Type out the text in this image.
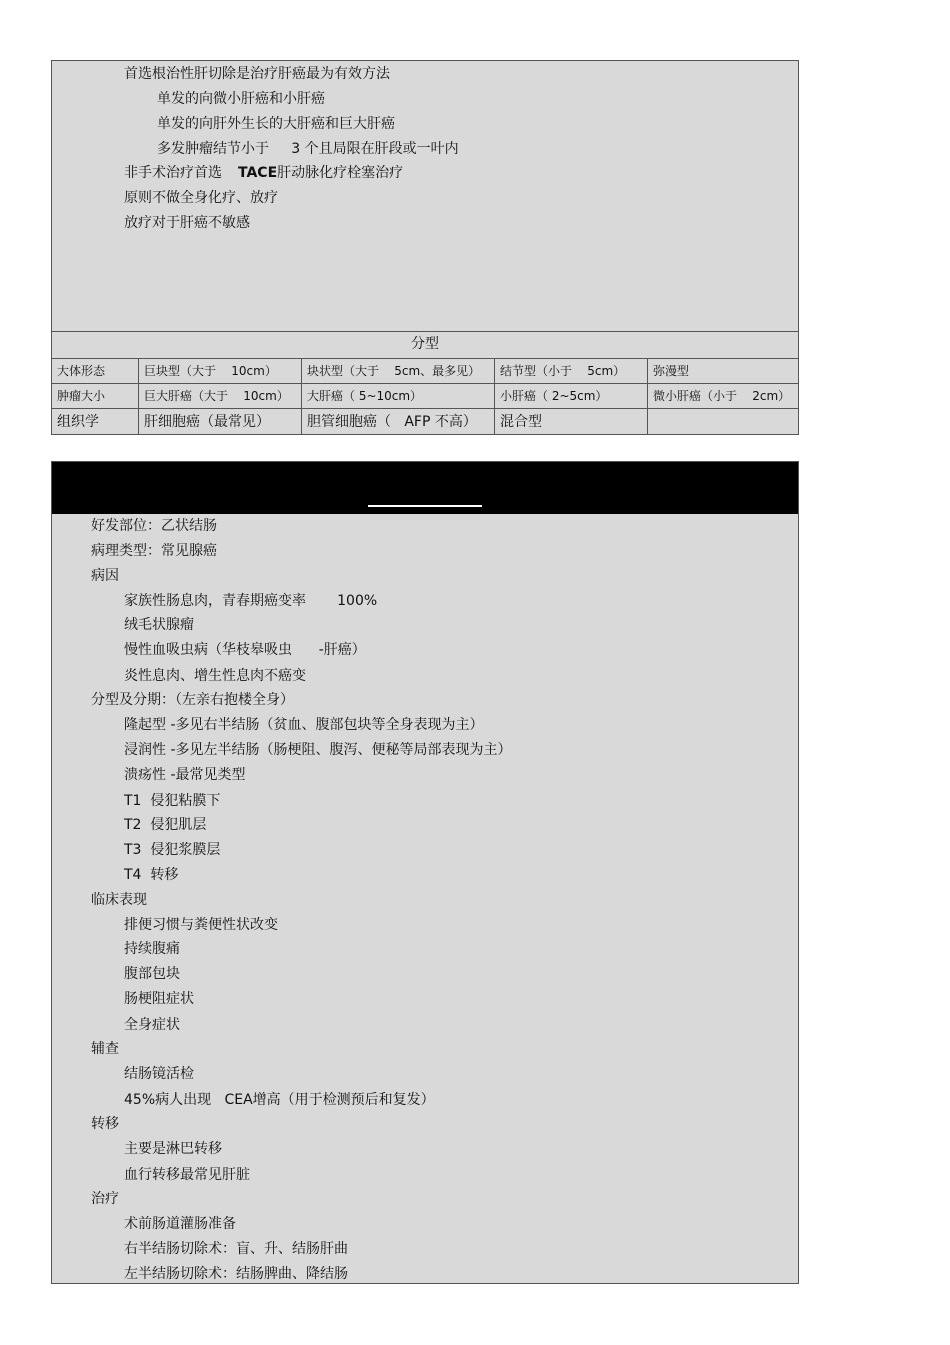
首选根治性肝切除是治疗肝癌最为有效方法
单发的向微小肝癌和小肝癌
单发的向肝外生长的大肝癌和巨大肝癌
多发肿瘤结节小于     3 个且局限在肝段或一叶内
非手术治疗首选 TACE肝动脉化疗栓塞治疗
原则不做全身化疗、放疗
放疗对于肝癌不敏感
分型
大体形态	巨块型（大于    10cm）	块状型（大于    5cm、最多见）	结节型（小于    5cm）	弥漫型
肿瘤大小	巨大肝癌（大于    10cm）	大肝癌（ 5~10cm）	小肝癌（ 2~5cm）	微小肝癌（小于    2cm）
组织学	肝细胞癌（最常见）	胆管细胞癌（   AFP 不高）	混合型
好发部位：乙状结肠
病理类型：常见腺癌
病因
家族性肠息肉，青春期癌变率       100%
绒毛状腺瘤
慢性血吸虫病（华枝皋吸虫      -肝癌）
炎性息肉、增生性息肉不癌变
分型及分期：（左亲右抱楼全身）
隆起型 -多见右半结肠（贫血、腹部包块等全身表现为主）
浸润性 -多见左半结肠（肠梗阻、腹泻、便秘等局部表现为主）
溃疡性 -最常见类型
T1  侵犯粘膜下
T2  侵犯肌层
T3  侵犯浆膜层
T4  转移
临床表现
排便习惯与粪便性状改变
持续腹痛
腹部包块
肠梗阻症状
全身症状
辅查
结肠镜活检
45%病人出现   CEA增高（用于检测预后和复发）
转移
主要是淋巴转移
血行转移最常见肝脏
治疗
术前肠道灌肠准备
右半结肠切除术：盲、升、结肠肝曲
左半结肠切除术：结肠脾曲、降结肠
